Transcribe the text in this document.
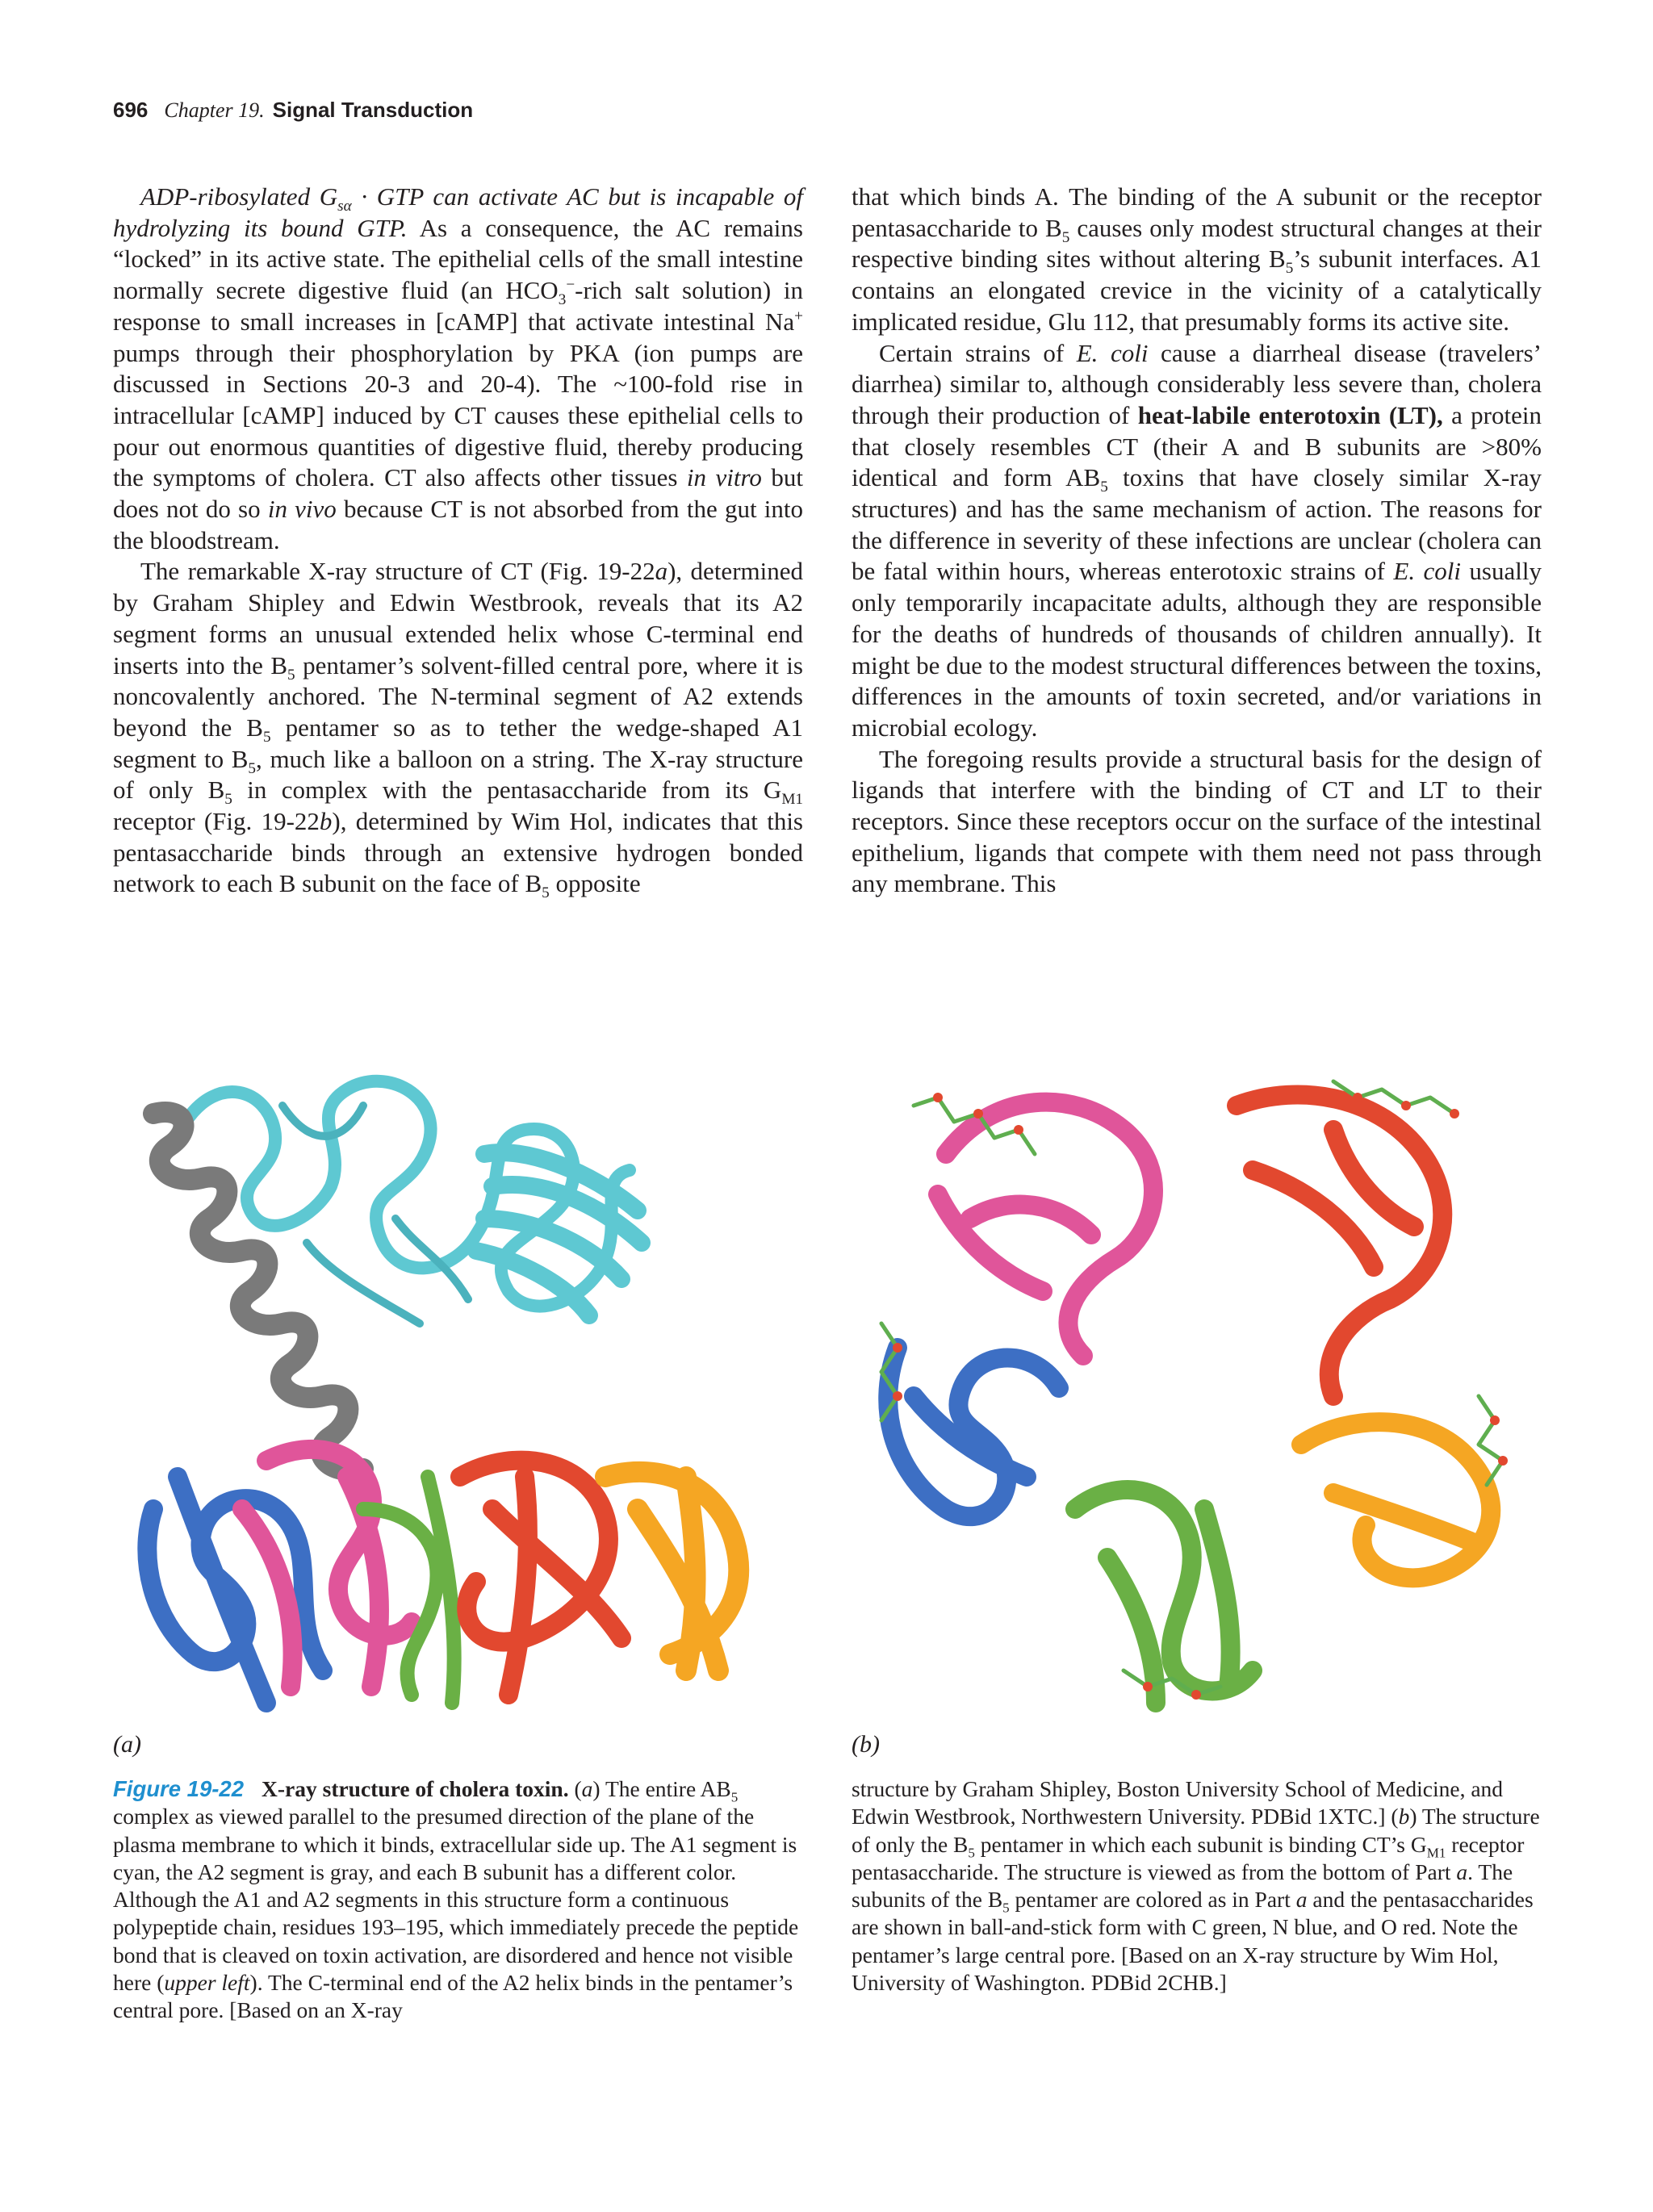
696 Chapter 19. Signal Transduction

ADP-ribosylated $G_{s\alpha}$ · GTP can activate AC but is incapable of hydrolyzing its bound GTP. As a consequence, the AC remains “locked” in its active state. The epithelial cells of the small intestine normally secrete digestive fluid (an $HCO_3^-$-rich salt solution) in response to small increases in [cAMP] that activate intestinal Na+ pumps through their phosphorylation by PKA (ion pumps are discussed in Sections 20-3 and 20-4). The ~100-fold rise in intracellular [cAMP] induced by CT causes these epithelial cells to pour out enormous quantities of digestive fluid, thereby producing the symptoms of cholera. CT also affects other tissues in vitro but does not do so in vivo because CT is not absorbed from the gut into the bloodstream.

The remarkable X-ray structure of CT (Fig. 19-22a), determined by Graham Shipley and Edwin Westbrook, reveals that its A2 segment forms an unusual extended helix whose C-terminal end inserts into the $B_5$ pentamer’s solvent-filled central pore, where it is noncovalently anchored. The N-terminal segment of A2 extends beyond the $B_5$ pentamer so as to tether the wedge-shaped A1 segment to $B_5$, much like a balloon on a string. The X-ray structure of only $B_5$ in complex with the pentasaccharide from its $G_{M1}$ receptor (Fig. 19-22b), determined by Wim Hol, indicates that this pentasaccharide binds through an extensive hydrogen bonded network to each B subunit on the face of $B_5$ opposite

that which binds A. The binding of the A subunit or the receptor pentasaccharide to $B_5$ causes only modest structural changes at their respective binding sites without altering $B_5’s$ subunit interfaces. A1 contains an elongated crevice in the vicinity of a catalytically implicated residue, Glu 112, that presumably forms its active site.

Certain strains of E. coli cause a diarrheal disease (travelers’ diarrhea) similar to, although considerably less severe than, cholera through their production of heat-labile enterotoxin (LT), a protein that closely resembles CT (their A and B subunits are >80% identical and form $AB_5$ toxins that have closely similar X-ray structures) and has the same mechanism of action. The reasons for the difference in severity of these infections are unclear (cholera can be fatal within hours, whereas enterotoxic strains of E. coli usually only temporarily incapacitate adults, although they are responsible for the deaths of hundreds of thousands of children annually). It might be due to the modest structural differences between the toxins, differences in the amounts of toxin secreted, and/or variations in microbial ecology.

The foregoing results provide a structural basis for the design of ligands that interfere with the binding of CT and LT to their receptors. Since these receptors occur on the surface of the intestinal epithelium, ligands that compete with them need not pass through any membrane. This

(a)	(b)

Figure 19-22 X-ray structure of cholera toxin. (a) The entire $AB_5$ complex as viewed parallel to the presumed direction of the plane of the plasma membrane to which it binds, extracellular side up. The A1 segment is cyan, the A2 segment is gray, and each B subunit has a different color. Although the A1 and A2 segments in this structure form a continuous polypeptide chain, residues 193–195, which immediately precede the peptide bond that is cleaved on toxin activation, are disordered and hence not visible here (upper left). The C-terminal end of the A2 helix binds in the pentamer’s central pore. [Based on an X-ray

structure by Graham Shipley, Boston University School of Medicine, and Edwin Westbrook, Northwestern University. PDBid 1XTC.] (b) The structure of only the $B_5$ pentamer in which each subunit is binding CT’s $G_{M1}$ receptor pentasaccharide. The structure is viewed as from the bottom of Part a. The subunits of the $B_5$ pentamer are colored as in Part a and the pentasaccharides are shown in ball-and-stick form with C green, N blue, and O red. Note the pentamer’s large central pore. [Based on an X-ray structure by Wim Hol, University of Washington. PDBid 2CHB.]
